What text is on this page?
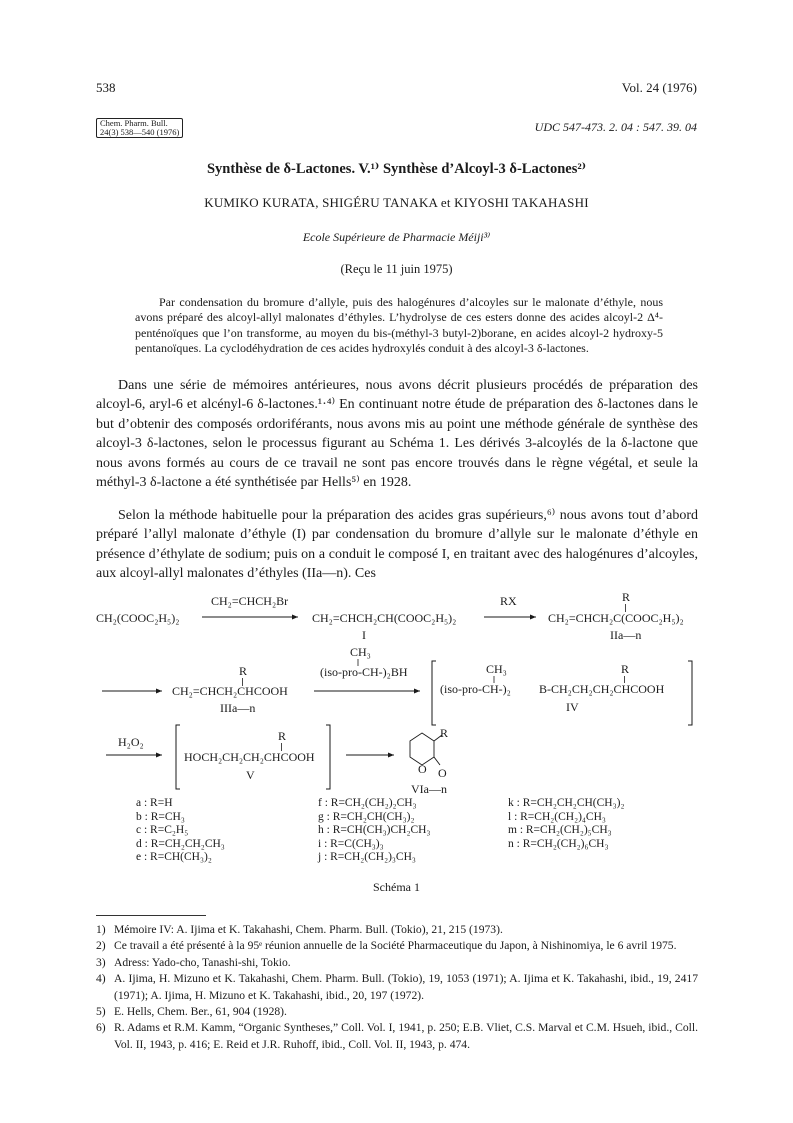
538	Vol. 24 (1976)
Chem. Pharm. Bull.
24(3) 538—540 (1976)	UDC 547-473. 2. 04 : 547. 39. 04
Synthèse de δ-Lactones. V.¹⁾ Synthèse d’Alcoyl-3 δ-Lactones²⁾
KUMIKO KURATA, SHIGÉRU TANAKA et KIYOSHI TAKAHASHI
Ecole Supérieure de Pharmacie Méiji³⁾
(Reçu le 11 juin 1975)
Par condensation du bromure d’allyle, puis des halogénures d’alcoyles sur le malonate d’éthyle, nous avons préparé des alcoyl-allyl malonates d’éthyles. L’hydrolyse de ces esters donne des acides alcoyl-2 Δ⁴-penténoïques que l’on transforme, au moyen du bis-(méthyl-3 butyl-2)borane, en acides alcoyl-2 hydroxy-5 pentanoïques. La cyclodéhydration de ces acides hydroxylés conduit à des alcoyl-3 δ-lactones.
Dans une série de mémoires antérieures, nous avons décrit plusieurs procédés de préparation des alcoyl-6, aryl-6 et alcényl-6 δ-lactones.¹·⁴⁾ En continuant notre étude de préparation des δ-lactones dans le but d’obtenir des composés ordoriférants, nous avons mis au point une méthode générale de synthèse des alcoyl-3 δ-lactones, selon le processus figurant au Schéma 1. Les dérivés 3-alcoylés de la δ-lactone que nous avons formés au cours de ce travail ne sont pas encore trouvés dans le règne végétal, et seule la méthyl-3 δ-lactone a été synthétisée par Hells⁵⁾ en 1928.
Selon la méthode habituelle pour la préparation des acides gras supérieurs,⁶⁾ nous avons tout d’abord préparé l’allyl malonate d’éthyle (I) par condensation du bromure d’allyle sur le malonate d’éthyle en présence d’éthylate de sodium; puis on a conduit le composé I, en traitant avec des halogénures d’alcoyles, aux alcoyl-allyl malonates d’éthyles (IIa—n). Ces
CH₂(COOC₂H₅)₂
CH₂=CHCH₂Br
CH₂=CHCH₂CH(COOC₂H₅)₂
I
RX	R
CH₂=CHCH₂C(COOC₂H₅)₂
IIa—n
R
CH₂=CHCH₂CHCOOH
IIIa—n
CH₃
(iso-pro-CH-)₂BH	CH₃
(iso-pro-CH-)₂
R
B-CH₂CH₂CH₂CHCOOH
IV
H₂O₂	R
HOCH₂CH₂CH₂CHCOOH
V
R
O O
VIa—n
a : R=H
b : R=CH₃
c : R=C₂H₅
d : R=CH₂CH₂CH₃
e : R=CH(CH₃)₂
f : R=CH₂(CH₂)₂CH₃
g : R=CH₂CH(CH₃)₂
h : R=CH(CH₃)CH₂CH₃
i : R=C(CH₃)₃
j : R=CH₂(CH₂)₃CH₃
k : R=CH₂CH₂CH(CH₃)₂
l : R=CH₂(CH₂)₄CH₃
m : R=CH₂(CH₂)₅CH₃
n : R=CH₂(CH₂)₆CH₃
Schéma 1
1) Mémoire IV: A. Ijima et K. Takahashi, Chem. Pharm. Bull. (Tokio), 21, 215 (1973).
2) Ce travail a été présenté à la 95ᵉ réunion annuelle de la Société Pharmaceutique du Japon, à Nishinomiya, le 6 avril 1975.
3) Adress: Yado-cho, Tanashi-shi, Tokio.
4) A. Ijima, H. Mizuno et K. Takahashi, Chem. Pharm. Bull. (Tokio), 19, 1053 (1971); A. Ijima et K. Takahashi, ibid., 19, 2417 (1971); A. Ijima, H. Mizuno et K. Takahashi, ibid., 20, 197 (1972).
5) E. Hells, Chem. Ber., 61, 904 (1928).
6) R. Adams et R.M. Kamm, “Organic Syntheses,” Coll. Vol. I, 1941, p. 250; E.B. Vliet, C.S. Marval et C.M. Hsueh, ibid., Coll. Vol. II, 1943, p. 416; E. Reid et J.R. Ruhoff, ibid., Coll. Vol. II, 1943, p. 474.
